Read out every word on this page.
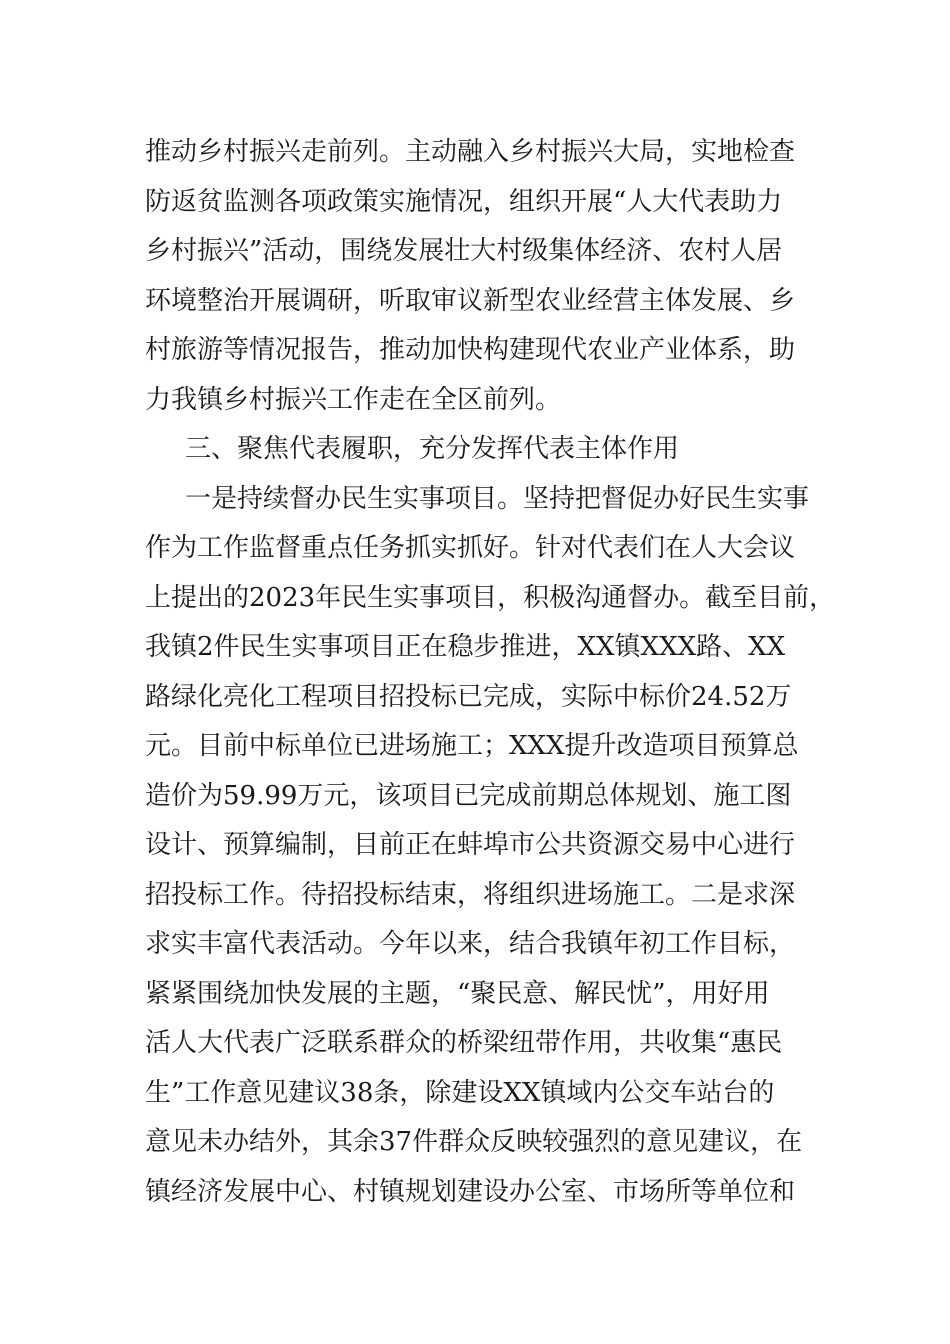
推动乡村振兴走前列。主动融入乡村振兴大局，实地检查
防返贫监测各项政策实施情况，组织开展“人大代表助力
乡村振兴”活动，围绕发展壮大村级集体经济、农村人居
环境整治开展调研，听取审议新型农业经营主体发展、乡
村旅游等情况报告，推动加快构建现代农业产业体系，助
力我镇乡村振兴工作走在全区前列。
三、聚焦代表履职，充分发挥代表主体作用
一是持续督办民生实事项目。坚持把督促办好民生实事
作为工作监督重点任务抓实抓好。针对代表们在人大会议
上提出的2023年民生实事项目，积极沟通督办。截至目前，
我镇2件民生实事项目正在稳步推进，XX镇XXX路、XX
路绿化亮化工程项目招投标已完成，实际中标价24.52万
元。目前中标单位已进场施工；XXX提升改造项目预算总
造价为59.99万元，该项目已完成前期总体规划、施工图
设计、预算编制，目前正在蚌埠市公共资源交易中心进行
招投标工作。待招投标结束，将组织进场施工。二是求深
求实丰富代表活动。今年以来，结合我镇年初工作目标，
紧紧围绕加快发展的主题，“聚民意、解民忧”，用好用
活人大代表广泛联系群众的桥梁纽带作用，共收集“惠民
生”工作意见建议38条，除建设XX镇域内公交车站台的
意见未办结外，其余37件群众反映较强烈的意见建议，在
镇经济发展中心、村镇规划建设办公室、市场所等单位和
